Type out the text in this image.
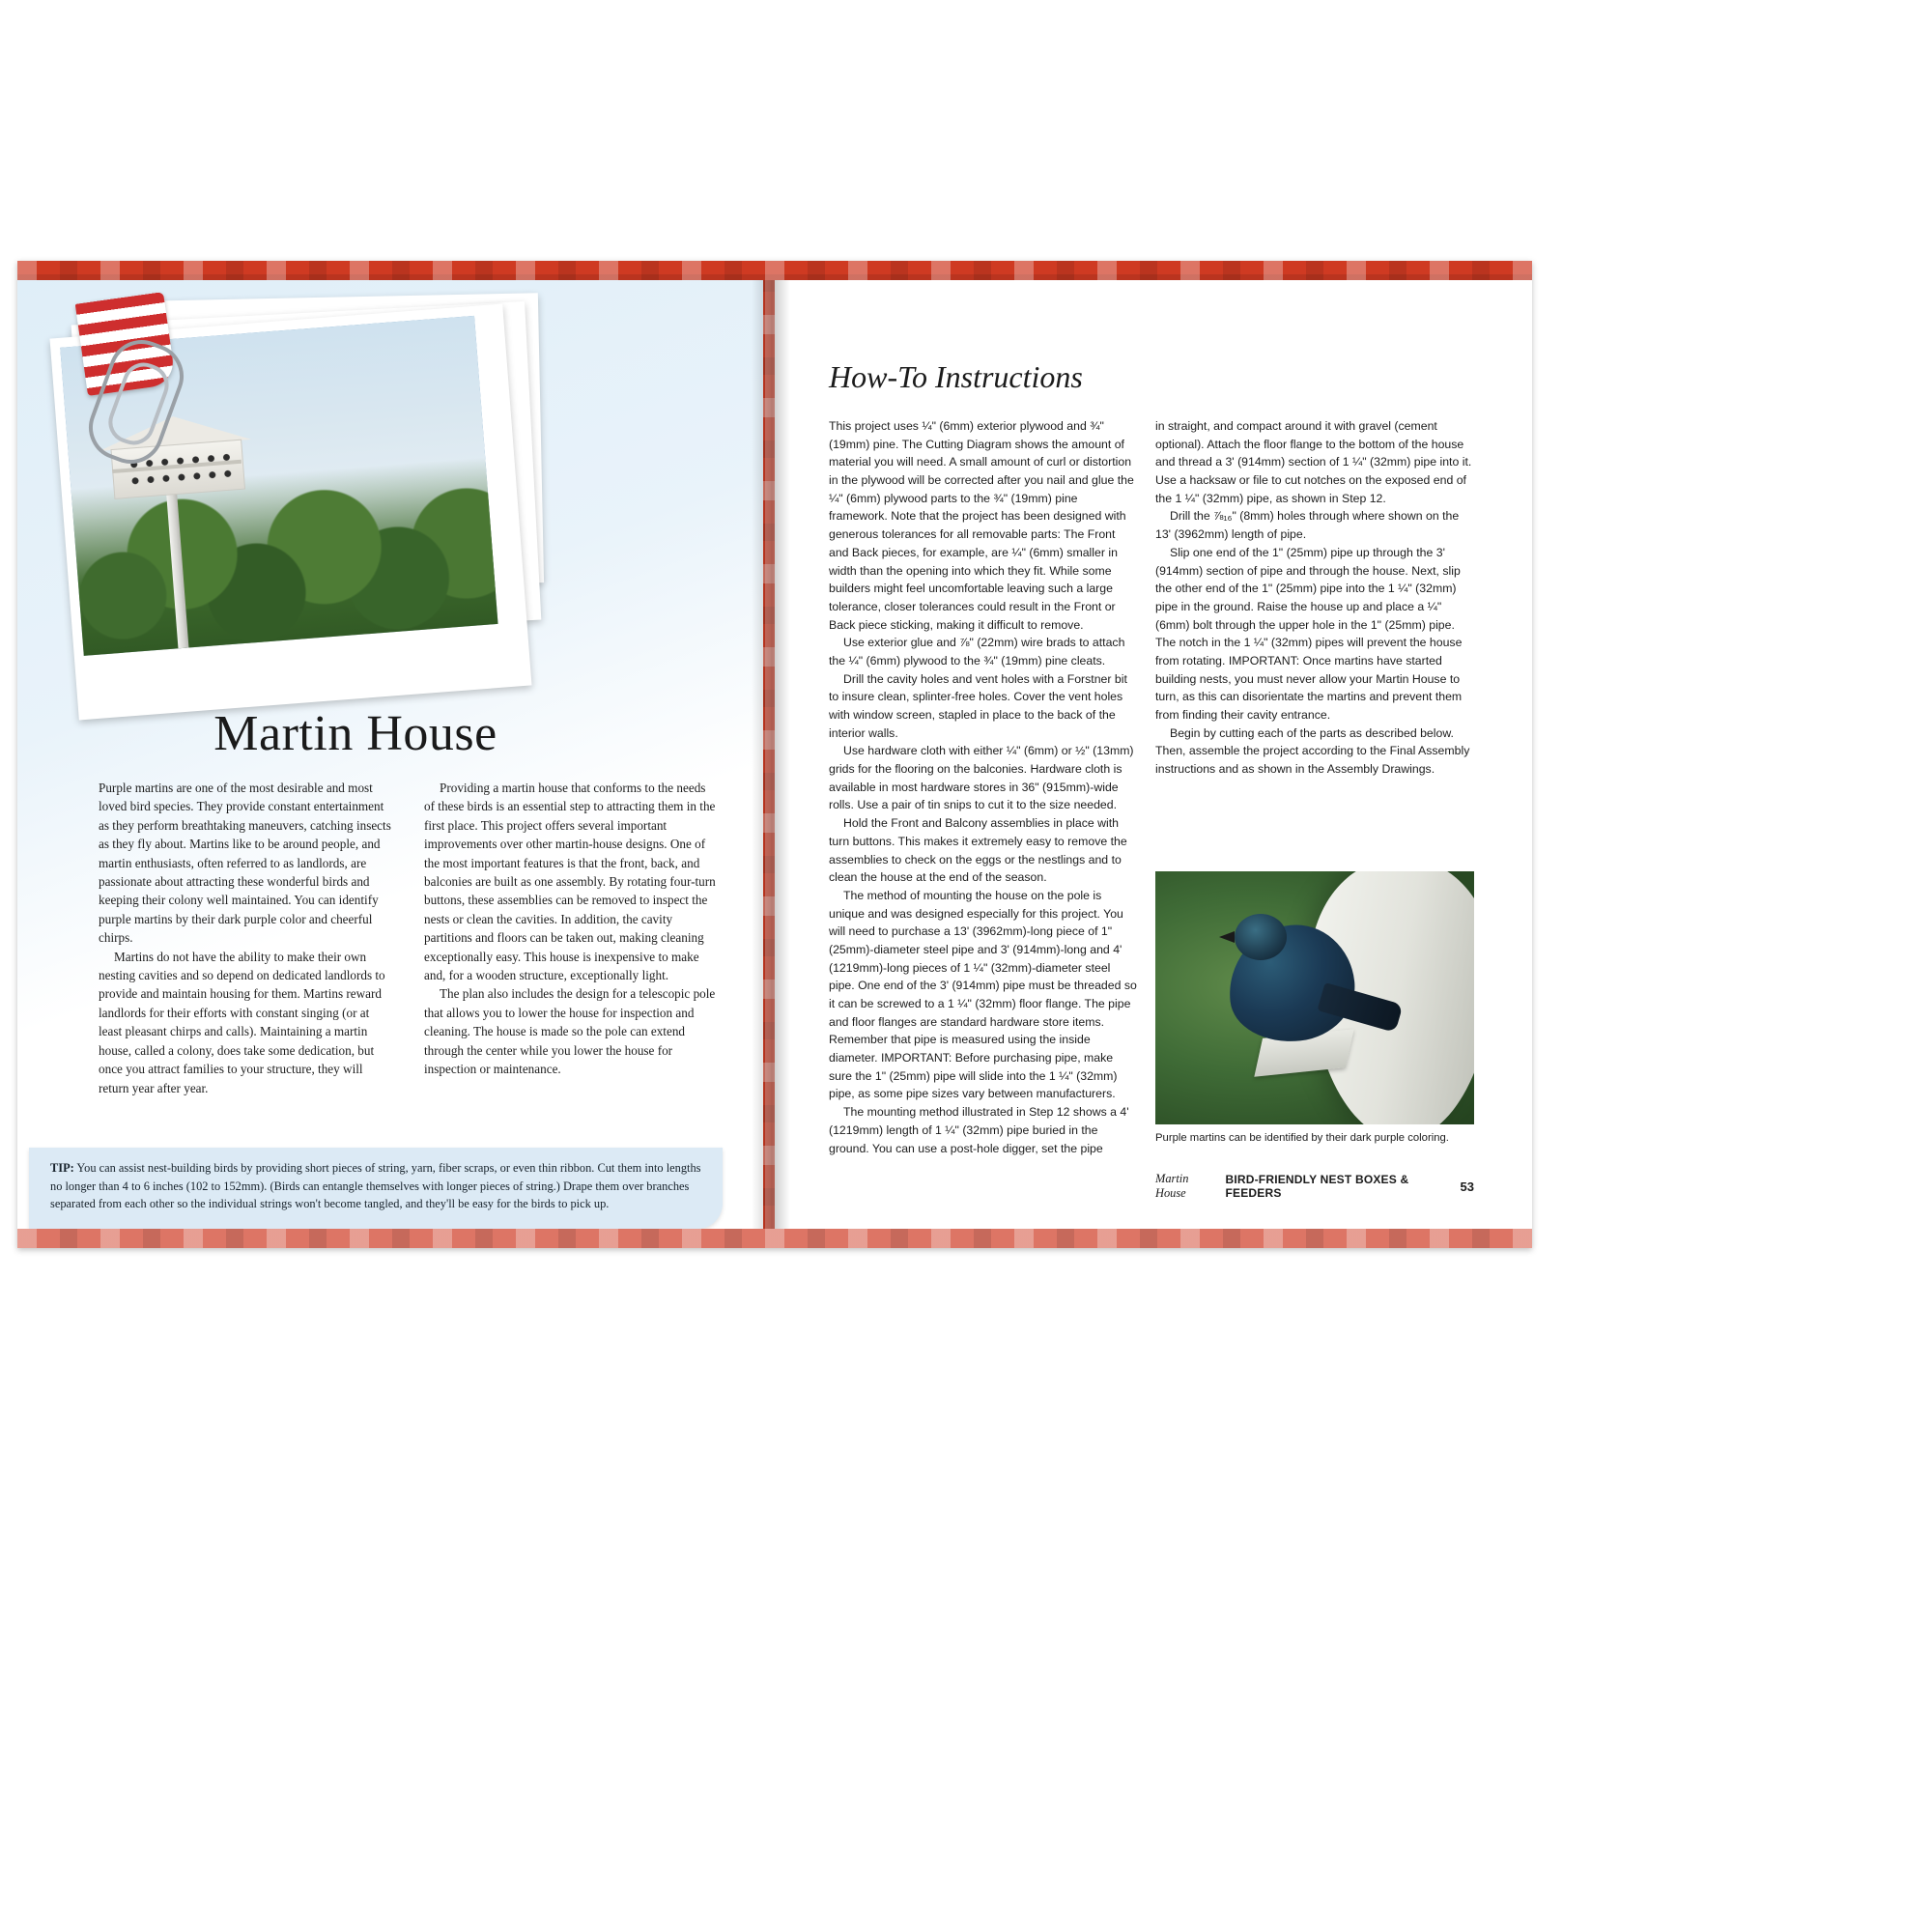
Martin House

Purple martins are one of the most desirable and most loved bird species. They provide constant entertainment as they perform breathtaking maneuvers, catching insects as they fly about. Martins like to be around people, and martin enthusiasts, often referred to as landlords, are passionate about attracting these wonderful birds and keeping their colony well maintained. You can identify purple martins by their dark purple color and cheerful chirps.

Martins do not have the ability to make their own nesting cavities and so depend on dedicated landlords to provide and maintain housing for them. Martins reward landlords for their efforts with constant singing (or at least pleasant chirps and calls). Maintaining a martin house, called a colony, does take some dedication, but once you attract families to your structure, they will return year after year.

Providing a martin house that conforms to the needs of these birds is an essential step to attracting them in the first place. This project offers several important improvements over other martin-house designs. One of the most important features is that the front, back, and balconies are built as one assembly. By rotating four-turn buttons, these assemblies can be removed to inspect the nests or clean the cavities. In addition, the cavity partitions and floors can be taken out, making cleaning exceptionally easy. This house is inexpensive to make and, for a wooden structure, exceptionally light.

The plan also includes the design for a telescopic pole that allows you to lower the house for inspection and cleaning. The house is made so the pole can extend through the center while you lower the house for inspection or maintenance.

TIP: You can assist nest-building birds by providing short pieces of string, yarn, fiber scraps, or even thin ribbon. Cut them into lengths no longer than 4 to 6 inches (102 to 152mm). (Birds can entangle themselves with longer pieces of string.) Drape them over branches separated from each other so the individual strings won't become tangled, and they'll be easy for the birds to pick up.
How-To Instructions

This project uses ¼" (6mm) exterior plywood and ¾" (19mm) pine. The Cutting Diagram shows the amount of material you will need. A small amount of curl or distortion in the plywood will be corrected after you nail and glue the ¼" (6mm) plywood parts to the ¾" (19mm) pine framework. Note that the project has been designed with generous tolerances for all removable parts: The Front and Back pieces, for example, are ¼" (6mm) smaller in width than the opening into which they fit. While some builders might feel uncomfortable leaving such a large tolerance, closer tolerances could result in the Front or Back piece sticking, making it difficult to remove.

Use exterior glue and ⅞" (22mm) wire brads to attach the ¼" (6mm) plywood to the ¾" (19mm) pine cleats.

Drill the cavity holes and vent holes with a Forstner bit to insure clean, splinter-free holes. Cover the vent holes with window screen, stapled in place to the back of the interior walls.

Use hardware cloth with either ¼" (6mm) or ½" (13mm) grids for the flooring on the balconies. Hardware cloth is available in most hardware stores in 36" (915mm)-wide rolls. Use a pair of tin snips to cut it to the size needed.

Hold the Front and Balcony assemblies in place with turn buttons. This makes it extremely easy to remove the assemblies to check on the eggs or the nestlings and to clean the house at the end of the season.

The method of mounting the house on the pole is unique and was designed especially for this project. You will need to purchase a 13' (3962mm)-long piece of 1" (25mm)-diameter steel pipe and 3' (914mm)-long and 4' (1219mm)-long pieces of 1 ¼" (32mm)-diameter steel pipe. One end of the 3' (914mm) pipe must be threaded so it can be screwed to a 1 ¼" (32mm) floor flange. The pipe and floor flanges are standard hardware store items. Remember that pipe is measured using the inside diameter. IMPORTANT: Before purchasing pipe, make sure the 1" (25mm) pipe will slide into the 1 ¼" (32mm) pipe, as some pipe sizes vary between manufacturers.

The mounting method illustrated in Step 12 shows a 4' (1219mm) length of 1 ¼" (32mm) pipe buried in the ground. You can use a post-hole digger, set the pipe

in straight, and compact around it with gravel (cement optional). Attach the floor flange to the bottom of the house and thread a 3' (914mm) section of 1 ¼" (32mm) pipe into it. Use a hacksaw or file to cut notches on the exposed end of the 1 ¼" (32mm) pipe, as shown in Step 12.

Drill the ⅞₁₆" (8mm) holes through where shown on the 13' (3962mm) length of pipe.

Slip one end of the 1" (25mm) pipe up through the 3' (914mm) section of pipe and through the house. Next, slip the other end of the 1" (25mm) pipe into the 1 ¼" (32mm) pipe in the ground. Raise the house up and place a ¼" (6mm) bolt through the upper hole in the 1" (25mm) pipe. The notch in the 1 ¼" (32mm) pipes will prevent the house from rotating. IMPORTANT: Once martins have started building nests, you must never allow your Martin House to turn, as this can disorientate the martins and prevent them from finding their cavity entrance.

Begin by cutting each of the parts as described below. Then, assemble the project according to the Final Assembly instructions and as shown in the Assembly Drawings.

Purple martins can be identified by their dark purple coloring.
Martin House
BIRD-FRIENDLY NEST BOXES & FEEDERS	53
